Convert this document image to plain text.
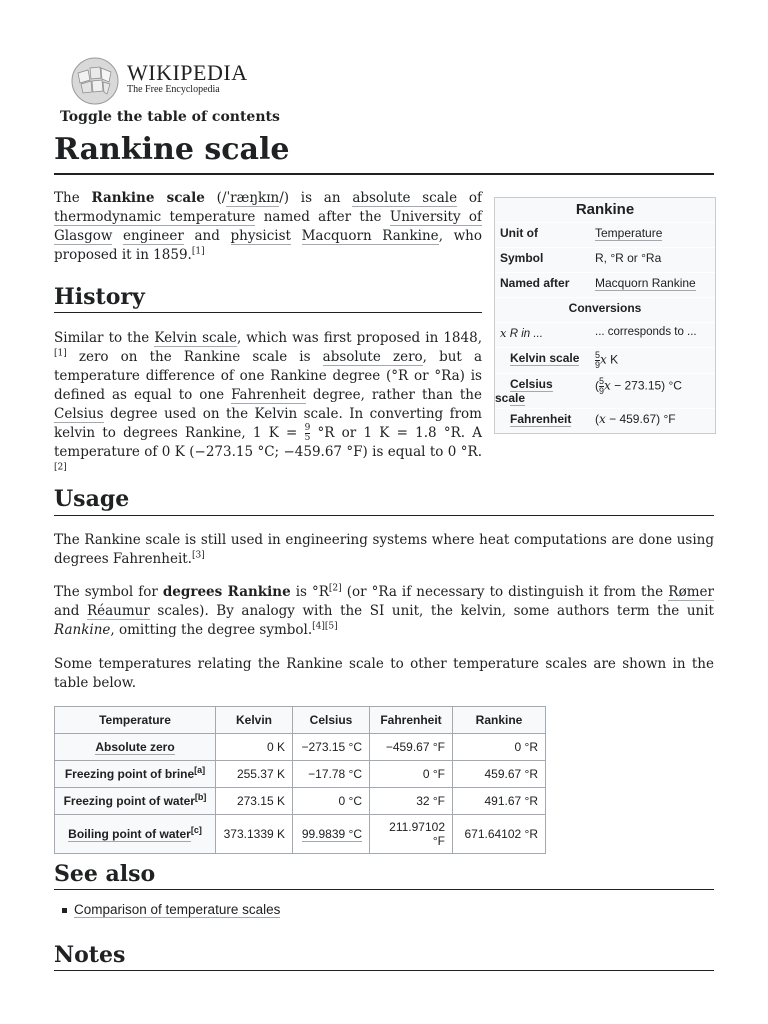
WIKIPEDIA
The Free Encyclopedia
Toggle the table of contents
Rankine scale

The Rankine scale (/ˈræŋkɪn/) is an absolute scale of thermodynamic temperature named after the University of Glasgow engineer and physicist Macquorn Rankine, who proposed it in 1859.[1]

History

Similar to the Kelvin scale, which was first proposed in 1848,[1] zero on the Rankine scale is absolute zero, but a temperature difference of one Rankine degree (°R or °Ra) is defined as equal to one Fahrenheit degree, rather than the Celsius degree used on the Kelvin scale. In converting from kelvin to degrees Rankine, 1 $K = \frac{9}{5} ^\circ R$ or 1 K = 1.8 °R. A temperature of 0 K (−273.15 °C; −459.67 °F) is equal to 0 °R.[2]

Rankine	
Unit of	Temperature
Symbol	R, °R or °Ra
Named after	Macquorn Rankine
Conversions	
x R in ...	... corresponds to ...
Kelvin scale	$\frac{5}{9}$ x K
Celsius
scale	( $\frac{5}{9}$ x − 273.15) °C
Fahrenheit	(x − 459.67) °F
Usage

The Rankine scale is still used in engineering systems where heat computations are done using degrees Fahrenheit.[3]

The symbol for degrees Rankine is °R[2] (or °Ra if necessary to distinguish it from the Rømer and Réaumur scales). By analogy with the SI unit, the kelvin, some authors term the unit Rankine, omitting the degree symbol.[4][5]

Some temperatures relating the Rankine scale to other temperature scales are shown in the table below.

Temperature	Kelvin	Celsius	Fahrenheit	Rankine
Absolute zero	0 K	−273.15 °C	−459.67 °F	0 °R
Freezing point of brine[a]	255.37 K	−17.78 °C	0 °F	459.67 °R
Freezing point of water[b]	273.15 K	0 °C	32 °F	491.67 °R
Boiling point of water[c]	373.1339 K	99.9839 °C	211.97102 °F	671.64102 °R
See also
Comparison of temperature scales
Notes
